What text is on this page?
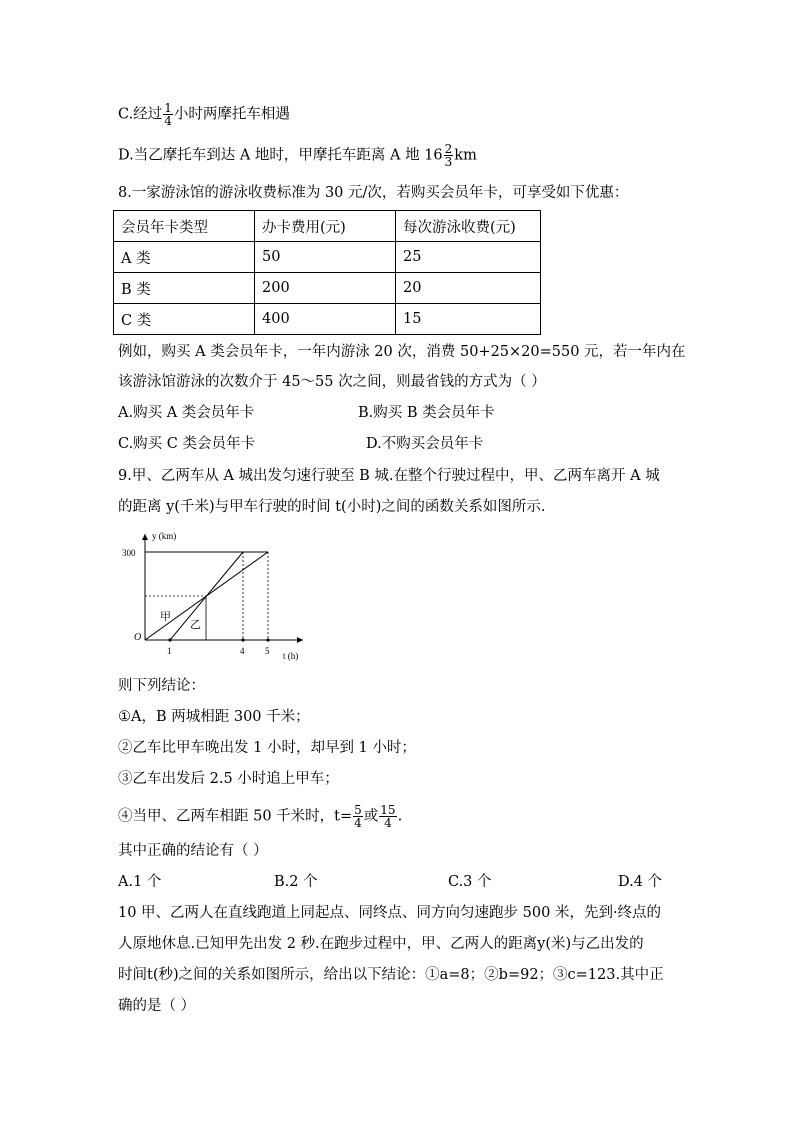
C.经过 $\frac{1}{4}$ 小时两摩托车相遇
D.当乙摩托车到达 A 地时，甲摩托车距离 A 地 $16 \frac{2}{3}$ km
8.一家游泳馆的游泳收费标准为 30 元/次，若购买会员年卡，可享受如下优惠：
会员年卡类型	办卡费用(元)	每次游泳收费(元)
A 类	50	25
B 类	200	20
C 类	400	15
例如，购买 A 类会员年卡，一年内游泳 20 次，消费 50+25×20=550 元，若一年内在
该游泳馆游泳的次数介于 45～55 次之间，则最省钱的方式为（ ）
A.购买 A 类会员年卡	B.购买 B 类会员年卡
C.购买 C 类会员年卡	D.不购买会员年卡
9.甲、乙两车从 A 城出发匀速行驶至 B 城.在整个行驶过程中，甲、乙两车离开 A 城
的距离 y(千米)与甲车行驶的时间 t(小时)之间的函数关系如图所示.
y (km)
300
O
1	4 5 t (h)
甲
乙
则下列结论：
①A，B 两城相距 300 千米；
②乙车比甲车晚出发 1 小时，却早到 1 小时；
③乙车出发后 2.5 小时追上甲车；
④当甲、乙两车相距 50 千米时，$t= \frac{5}{4}$ 或 $\frac{15}{4}$ .
其中正确的结论有（ ）
A.1 个	B.2 个	C.3 个	D.4 个
10 甲、乙两人在直线跑道上同起点、同终点、同方向匀速跑步 500 米，先到·终点的
人原地休息.已知甲先出发 2 秒.在跑步过程中，甲、乙两人的距离y(米)与乙出发的
时间t(秒)之间的关系如图所示，给出以下结论：①a=8；②b=92；③c=123.其中正
确的是（ ）
